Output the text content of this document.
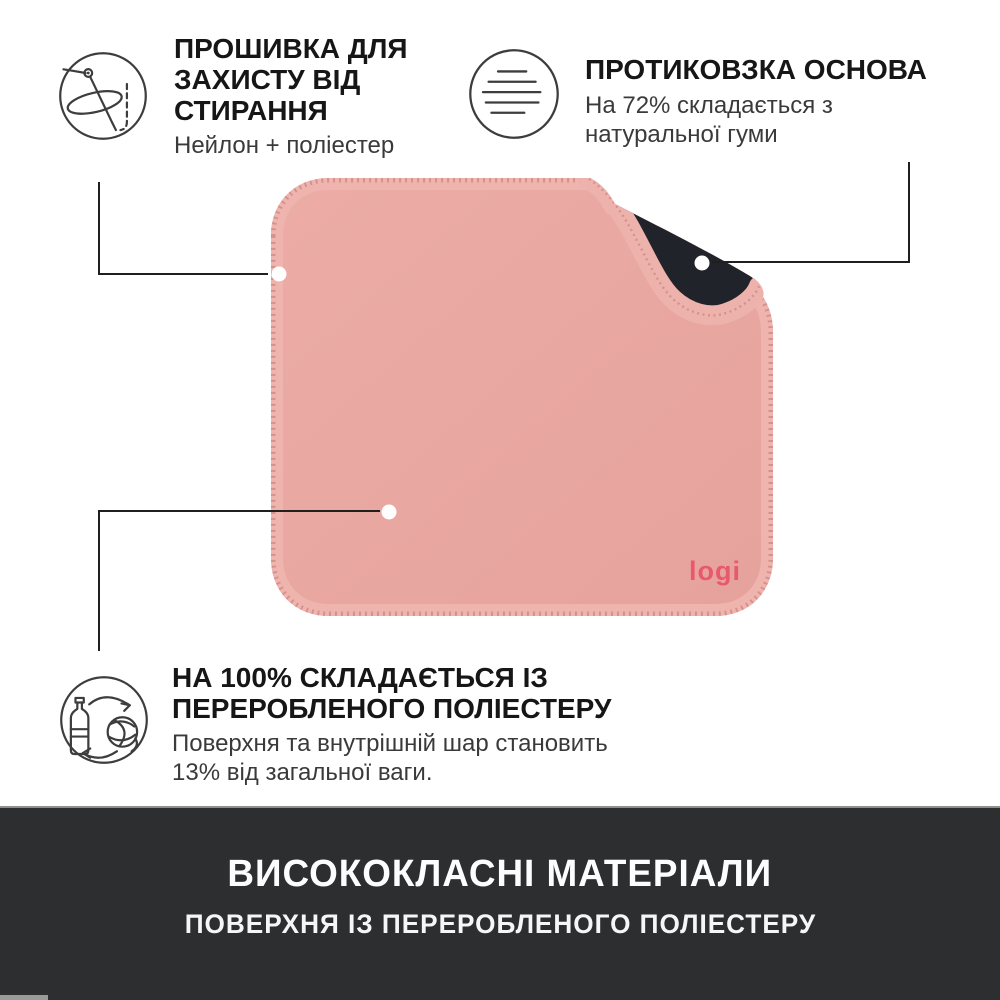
logi
ПРОШИВКА ДЛЯ
ЗАХИСТУ ВІД
СТИРАННЯ
Нейлон + поліестер
ПРОТИКОВЗКА ОСНОВА
На 72% складається з
натуральної гуми
НА 100% СКЛАДАЄТЬСЯ ІЗ
ПЕРЕРОБЛЕНОГО ПОЛІЕСТЕРУ
Поверхня та внутрішній шар становить
13% від загальної ваги.
ВИСОКОКЛАСНІ МАТЕРІАЛИ
ПОВЕРХНЯ ІЗ ПЕРЕРОБЛЕНОГО ПОЛІЕСТЕРУ
